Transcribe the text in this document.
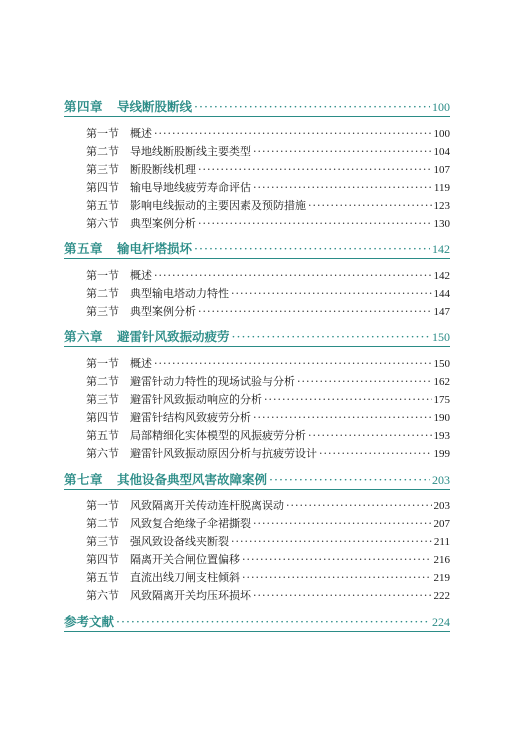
第四章 导线断股断线 ·····	100
第一节	概述 ·····	100
第二节	导地线断股断线主要类型 ·····	104
第三节	断股断线机理 ·····	107
第四节	输电导地线疲劳寿命评估 ·····	119
第五节	影响电线振动的主要因素及预防措施 ·····	123
第六节	典型案例分析 ·····	130
第五章 输电杆塔损坏 ·····	142
第一节	概述 ·····	142
第二节	典型输电塔动力特性 ·····	144
第三节	典型案例分析 ·····	147
第六章 避雷针风致振动疲劳 ·····	150
第一节	概述 ·····	150
第二节	避雷针动力特性的现场试验与分析 ·····	162
第三节	避雷针风致振动响应的分析 ·····	175
第四节	避雷针结构风致疲劳分析 ·····	190
第五节	局部精细化实体模型的风振疲劳分析 ·····	193
第六节	避雷针风致振动原因分析与抗疲劳设计 ·····	199
第七章 其他设备典型风害故障案例 ·····	203
第一节	风致隔离开关传动连杆脱离误动 ·····	203
第二节	风致复合绝缘子伞裙撕裂 ·····	207
第三节	强风致设备线夹断裂 ·····	211
第四节	隔离开关合闸位置偏移 ·····	216
第五节	直流出线刀闸支柱倾斜 ·····	219
第六节	风致隔离开关均压环损坏 ·····	222
参考文献 ·····	224
